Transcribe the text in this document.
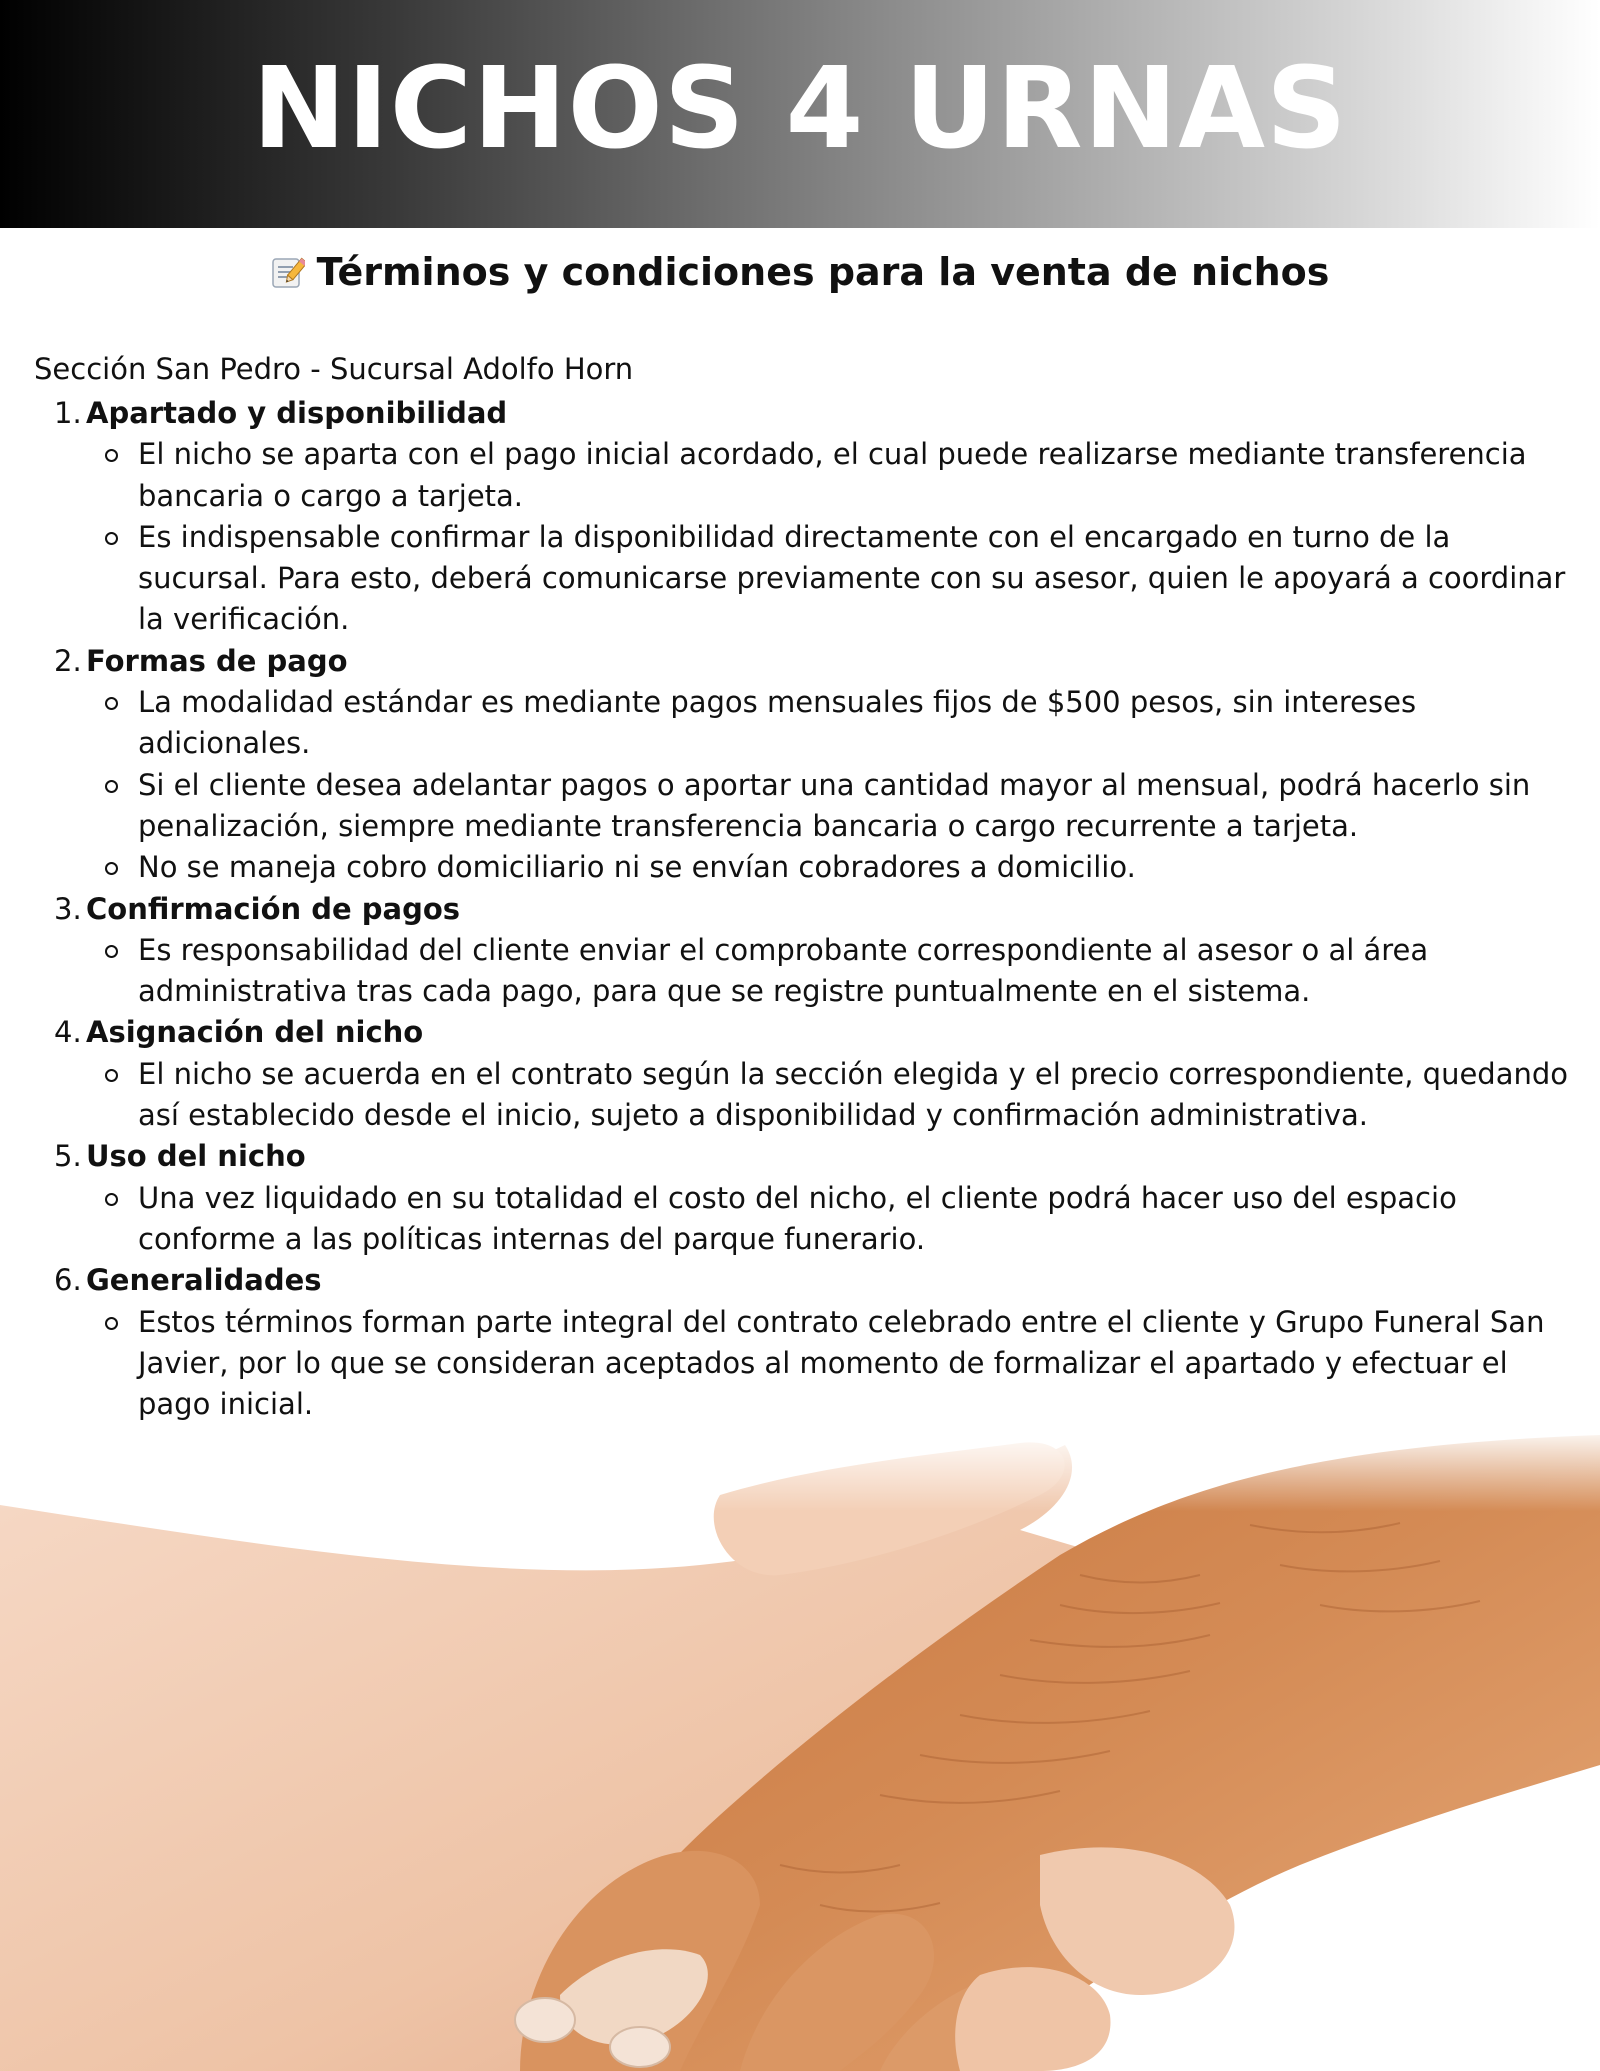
NICHOS 4 URNAS
Términos y condiciones para la venta de nichos

Sección San Pedro - Sucursal Adolfo Horn

1. Apartado y disponibilidad
El nicho se aparta con el pago inicial acordado, el cual puede realizarse mediante transferencia bancaria o cargo a tarjeta.
Es indispensable confirmar la disponibilidad directamente con el encargado en turno de la sucursal. Para esto, deberá comunicarse previamente con su asesor, quien le apoyará a coordinar la verificación.
2. Formas de pago
La modalidad estándar es mediante pagos mensuales fijos de $500 pesos, sin intereses adicionales.
Si el cliente desea adelantar pagos o aportar una cantidad mayor al mensual, podrá hacerlo sin penalización, siempre mediante transferencia bancaria o cargo recurrente a tarjeta.
No se maneja cobro domiciliario ni se envían cobradores a domicilio.
3. Confirmación de pagos
Es responsabilidad del cliente enviar el comprobante correspondiente al asesor o al área administrativa tras cada pago, para que se registre puntualmente en el sistema.
4. Asignación del nicho
El nicho se acuerda en el contrato según la sección elegida y el precio correspondiente, quedando así establecido desde el inicio, sujeto a disponibilidad y confirmación administrativa.
5. Uso del nicho
Una vez liquidado en su totalidad el costo del nicho, el cliente podrá hacer uso del espacio conforme a las políticas internas del parque funerario.
6. Generalidades
Estos términos forman parte integral del contrato celebrado entre el cliente y Grupo Funeral San Javier, por lo que se consideran aceptados al momento de formalizar el apartado y efectuar el pago inicial.
